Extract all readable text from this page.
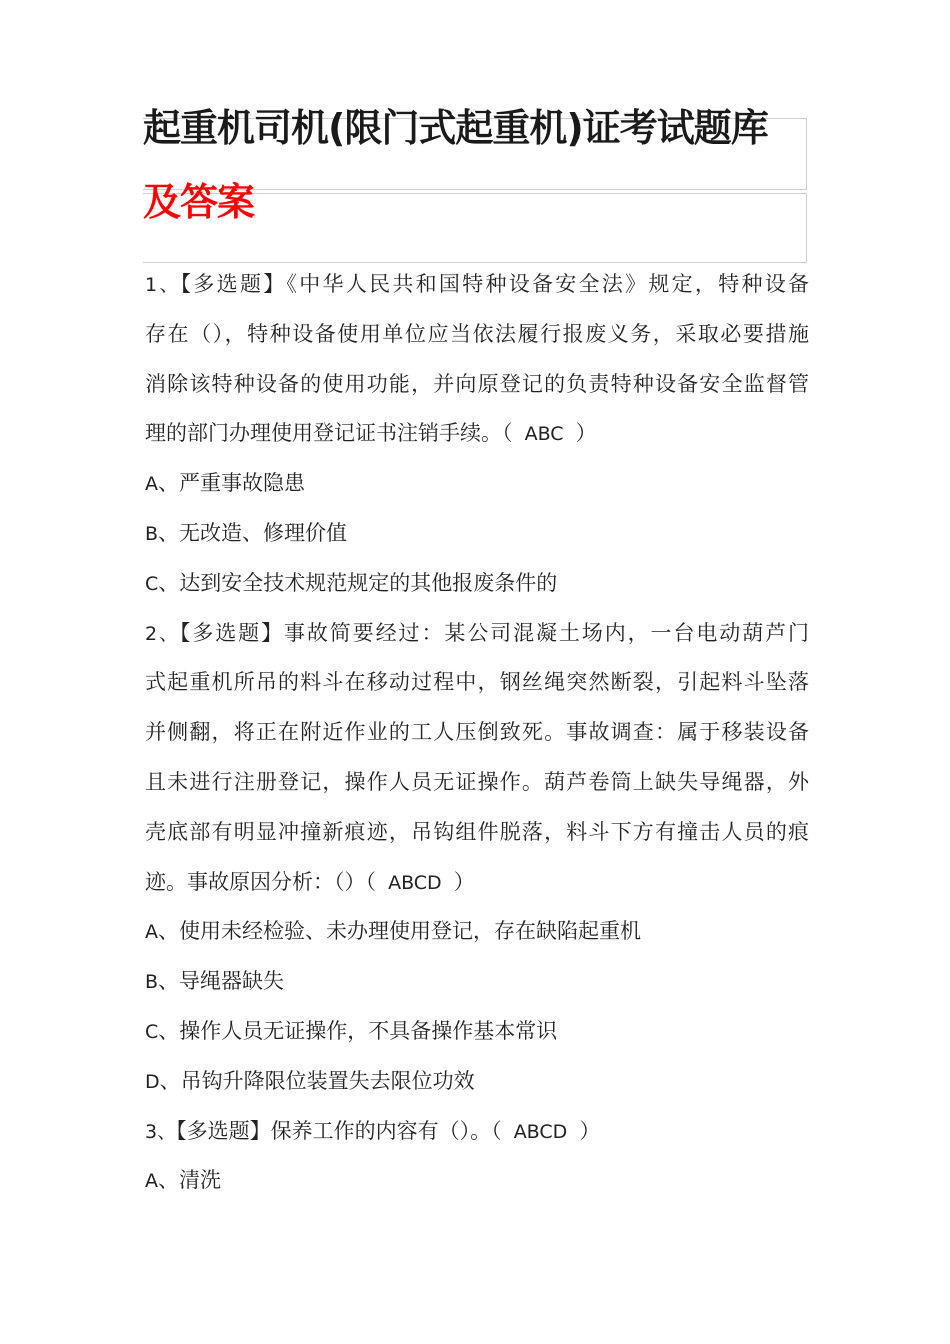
起重机司机(限门式起重机)证考试题库
及答案
1、【多选题】《中华人民共和国特种设备安全法》规定，特种设备
存在（），特种设备使用单位应当依法履行报废义务，采取必要措施
消除该特种设备的使用功能，并向原登记的负责特种设备安全监督管
理的部门办理使用登记证书注销手续。（ ABC ）
A、严重事故隐患
B、无改造、修理价值
C、达到安全技术规范规定的其他报废条件的
2、【多选题】事故简要经过：某公司混凝土场内，一台电动葫芦门
式起重机所吊的料斗在移动过程中，钢丝绳突然断裂，引起料斗坠落
并侧翻，将正在附近作业的工人压倒致死。事故调查：属于移装设备
且未进行注册登记，操作人员无证操作。葫芦卷筒上缺失导绳器，外
壳底部有明显冲撞新痕迹，吊钩组件脱落，料斗下方有撞击人员的痕
迹。事故原因分析：（）（ ABCD ）
A、使用未经检验、未办理使用登记，存在缺陷起重机
B、导绳器缺失
C、操作人员无证操作，不具备操作基本常识
D、吊钩升降限位装置失去限位功效
3、【多选题】保养工作的内容有（）。（ ABCD ）
A、清洗
